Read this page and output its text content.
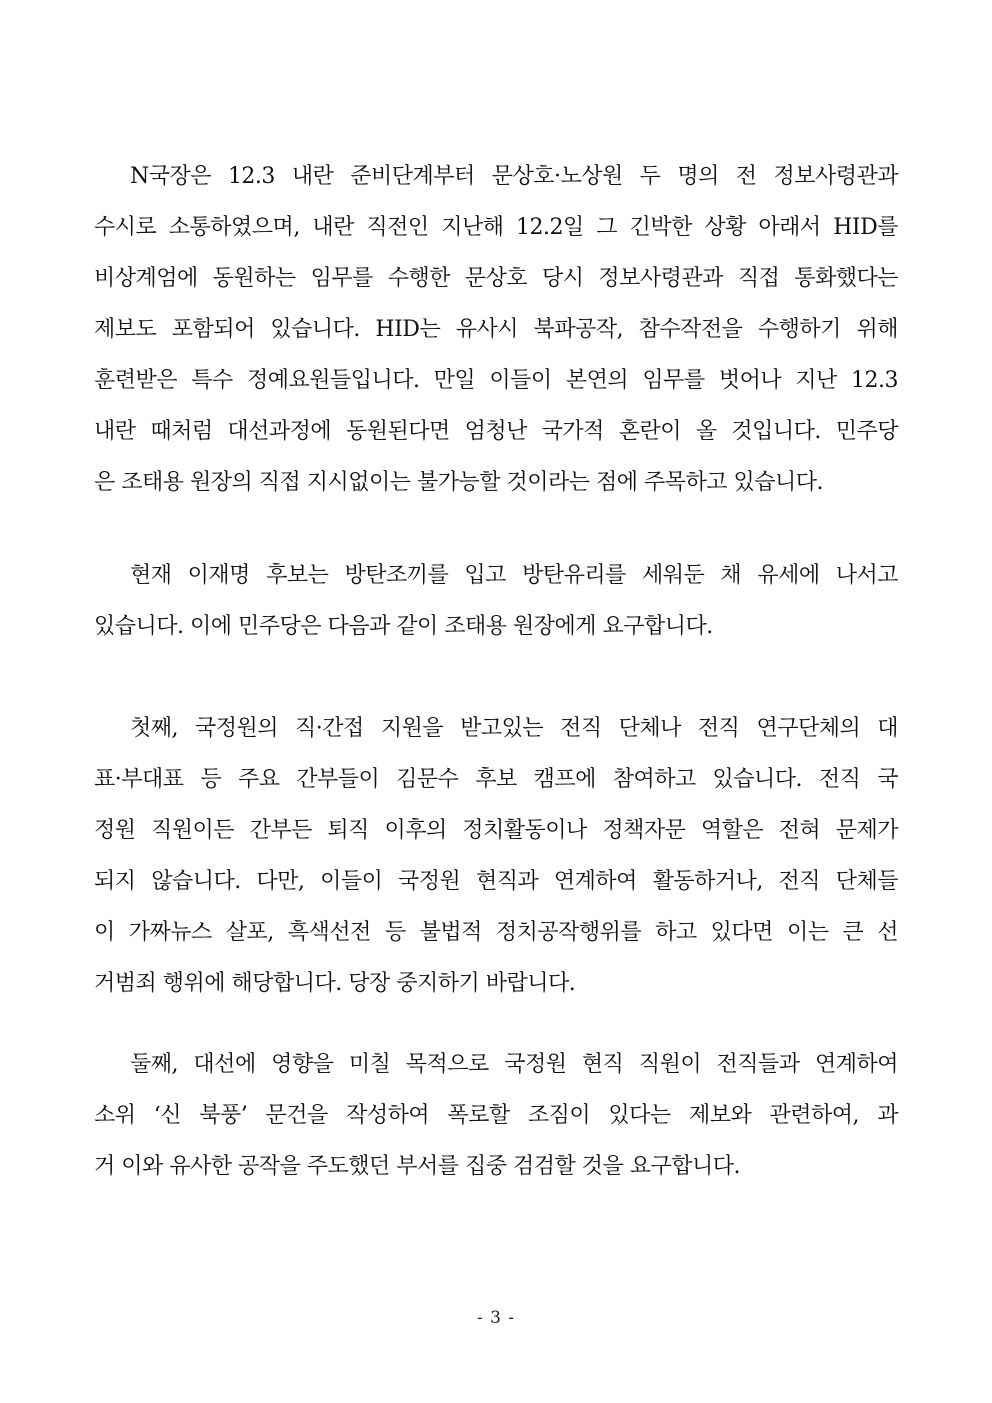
N국장은 12.3 내란 준비단계부터 문상호·노상원 두 명의 전 정보사령관과
수시로 소통하였으며, 내란 직전인 지난해 12.2일 그 긴박한 상황 아래서 HID를
비상계엄에 동원하는 임무를 수행한 문상호 당시 정보사령관과 직접 통화했다는
제보도 포함되어 있습니다. HID는 유사시 북파공작, 참수작전을 수행하기 위해
훈련받은 특수 정예요원들입니다. 만일 이들이 본연의 임무를 벗어나 지난 12.3
내란 때처럼 대선과정에 동원된다면 엄청난 국가적 혼란이 올 것입니다. 민주당
은 조태용 원장의 직접 지시없이는 불가능할 것이라는 점에 주목하고 있습니다.
현재 이재명 후보는 방탄조끼를 입고 방탄유리를 세워둔 채 유세에 나서고
있습니다. 이에 민주당은 다음과 같이 조태용 원장에게 요구합니다.
첫째, 국정원의 직·간접 지원을 받고있는 전직 단체나 전직 연구단체의 대
표·부대표 등 주요 간부들이 김문수 후보 캠프에 참여하고 있습니다. 전직 국
정원 직원이든 간부든 퇴직 이후의 정치활동이나 정책자문 역할은 전혀 문제가
되지 않습니다. 다만, 이들이 국정원 현직과 연계하여 활동하거나, 전직 단체들
이 가짜뉴스 살포, 흑색선전 등 불법적 정치공작행위를 하고 있다면 이는 큰 선
거범죄 행위에 해당합니다. 당장 중지하기 바랍니다.
둘째, 대선에 영향을 미칠 목적으로 국정원 현직 직원이 전직들과 연계하여
소위 ‘신 북풍’ 문건을 작성하여 폭로할 조짐이 있다는 제보와 관련하여, 과
거 이와 유사한 공작을 주도했던 부서를 집중 검검할 것을 요구합니다.
- 3 -
